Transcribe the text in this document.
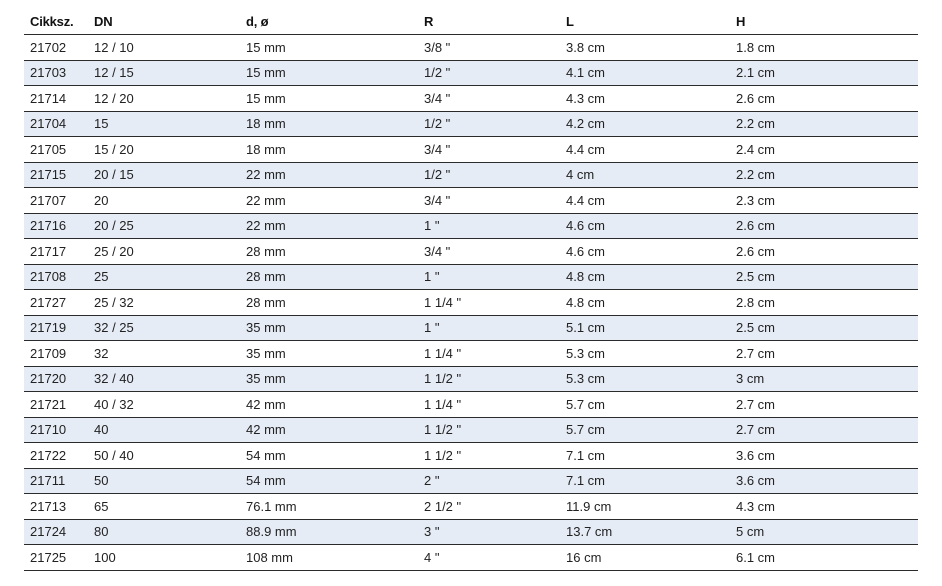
Cikksz.	DN	d, ø	R	L	H
21702	12 / 10	15 mm	3/8 "	3.8 cm	1.8 cm
21703	12 / 15	15 mm	1/2 "	4.1 cm	2.1 cm
21714	12 / 20	15 mm	3/4 "	4.3 cm	2.6 cm
21704	15	18 mm	1/2 "	4.2 cm	2.2 cm
21705	15 / 20	18 mm	3/4 "	4.4 cm	2.4 cm
21715	20 / 15	22 mm	1/2 "	4 cm	2.2 cm
21707	20	22 mm	3/4 "	4.4 cm	2.3 cm
21716	20 / 25	22 mm	1 "	4.6 cm	2.6 cm
21717	25 / 20	28 mm	3/4 "	4.6 cm	2.6 cm
21708	25	28 mm	1 "	4.8 cm	2.5 cm
21727	25 / 32	28 mm	1 1/4 "	4.8 cm	2.8 cm
21719	32 / 25	35 mm	1 "	5.1 cm	2.5 cm
21709	32	35 mm	1 1/4 "	5.3 cm	2.7 cm
21720	32 / 40	35 mm	1 1/2 "	5.3 cm	3 cm
21721	40 / 32	42 mm	1 1/4 "	5.7 cm	2.7 cm
21710	40	42 mm	1 1/2 "	5.7 cm	2.7 cm
21722	50 / 40	54 mm	1 1/2 "	7.1 cm	3.6 cm
21711	50	54 mm	2 "	7.1 cm	3.6 cm
21713	65	76.1 mm	2 1/2 "	11.9 cm	4.3 cm
21724	80	88.9 mm	3 "	13.7 cm	5 cm
21725	100	108 mm	4 "	16 cm	6.1 cm
